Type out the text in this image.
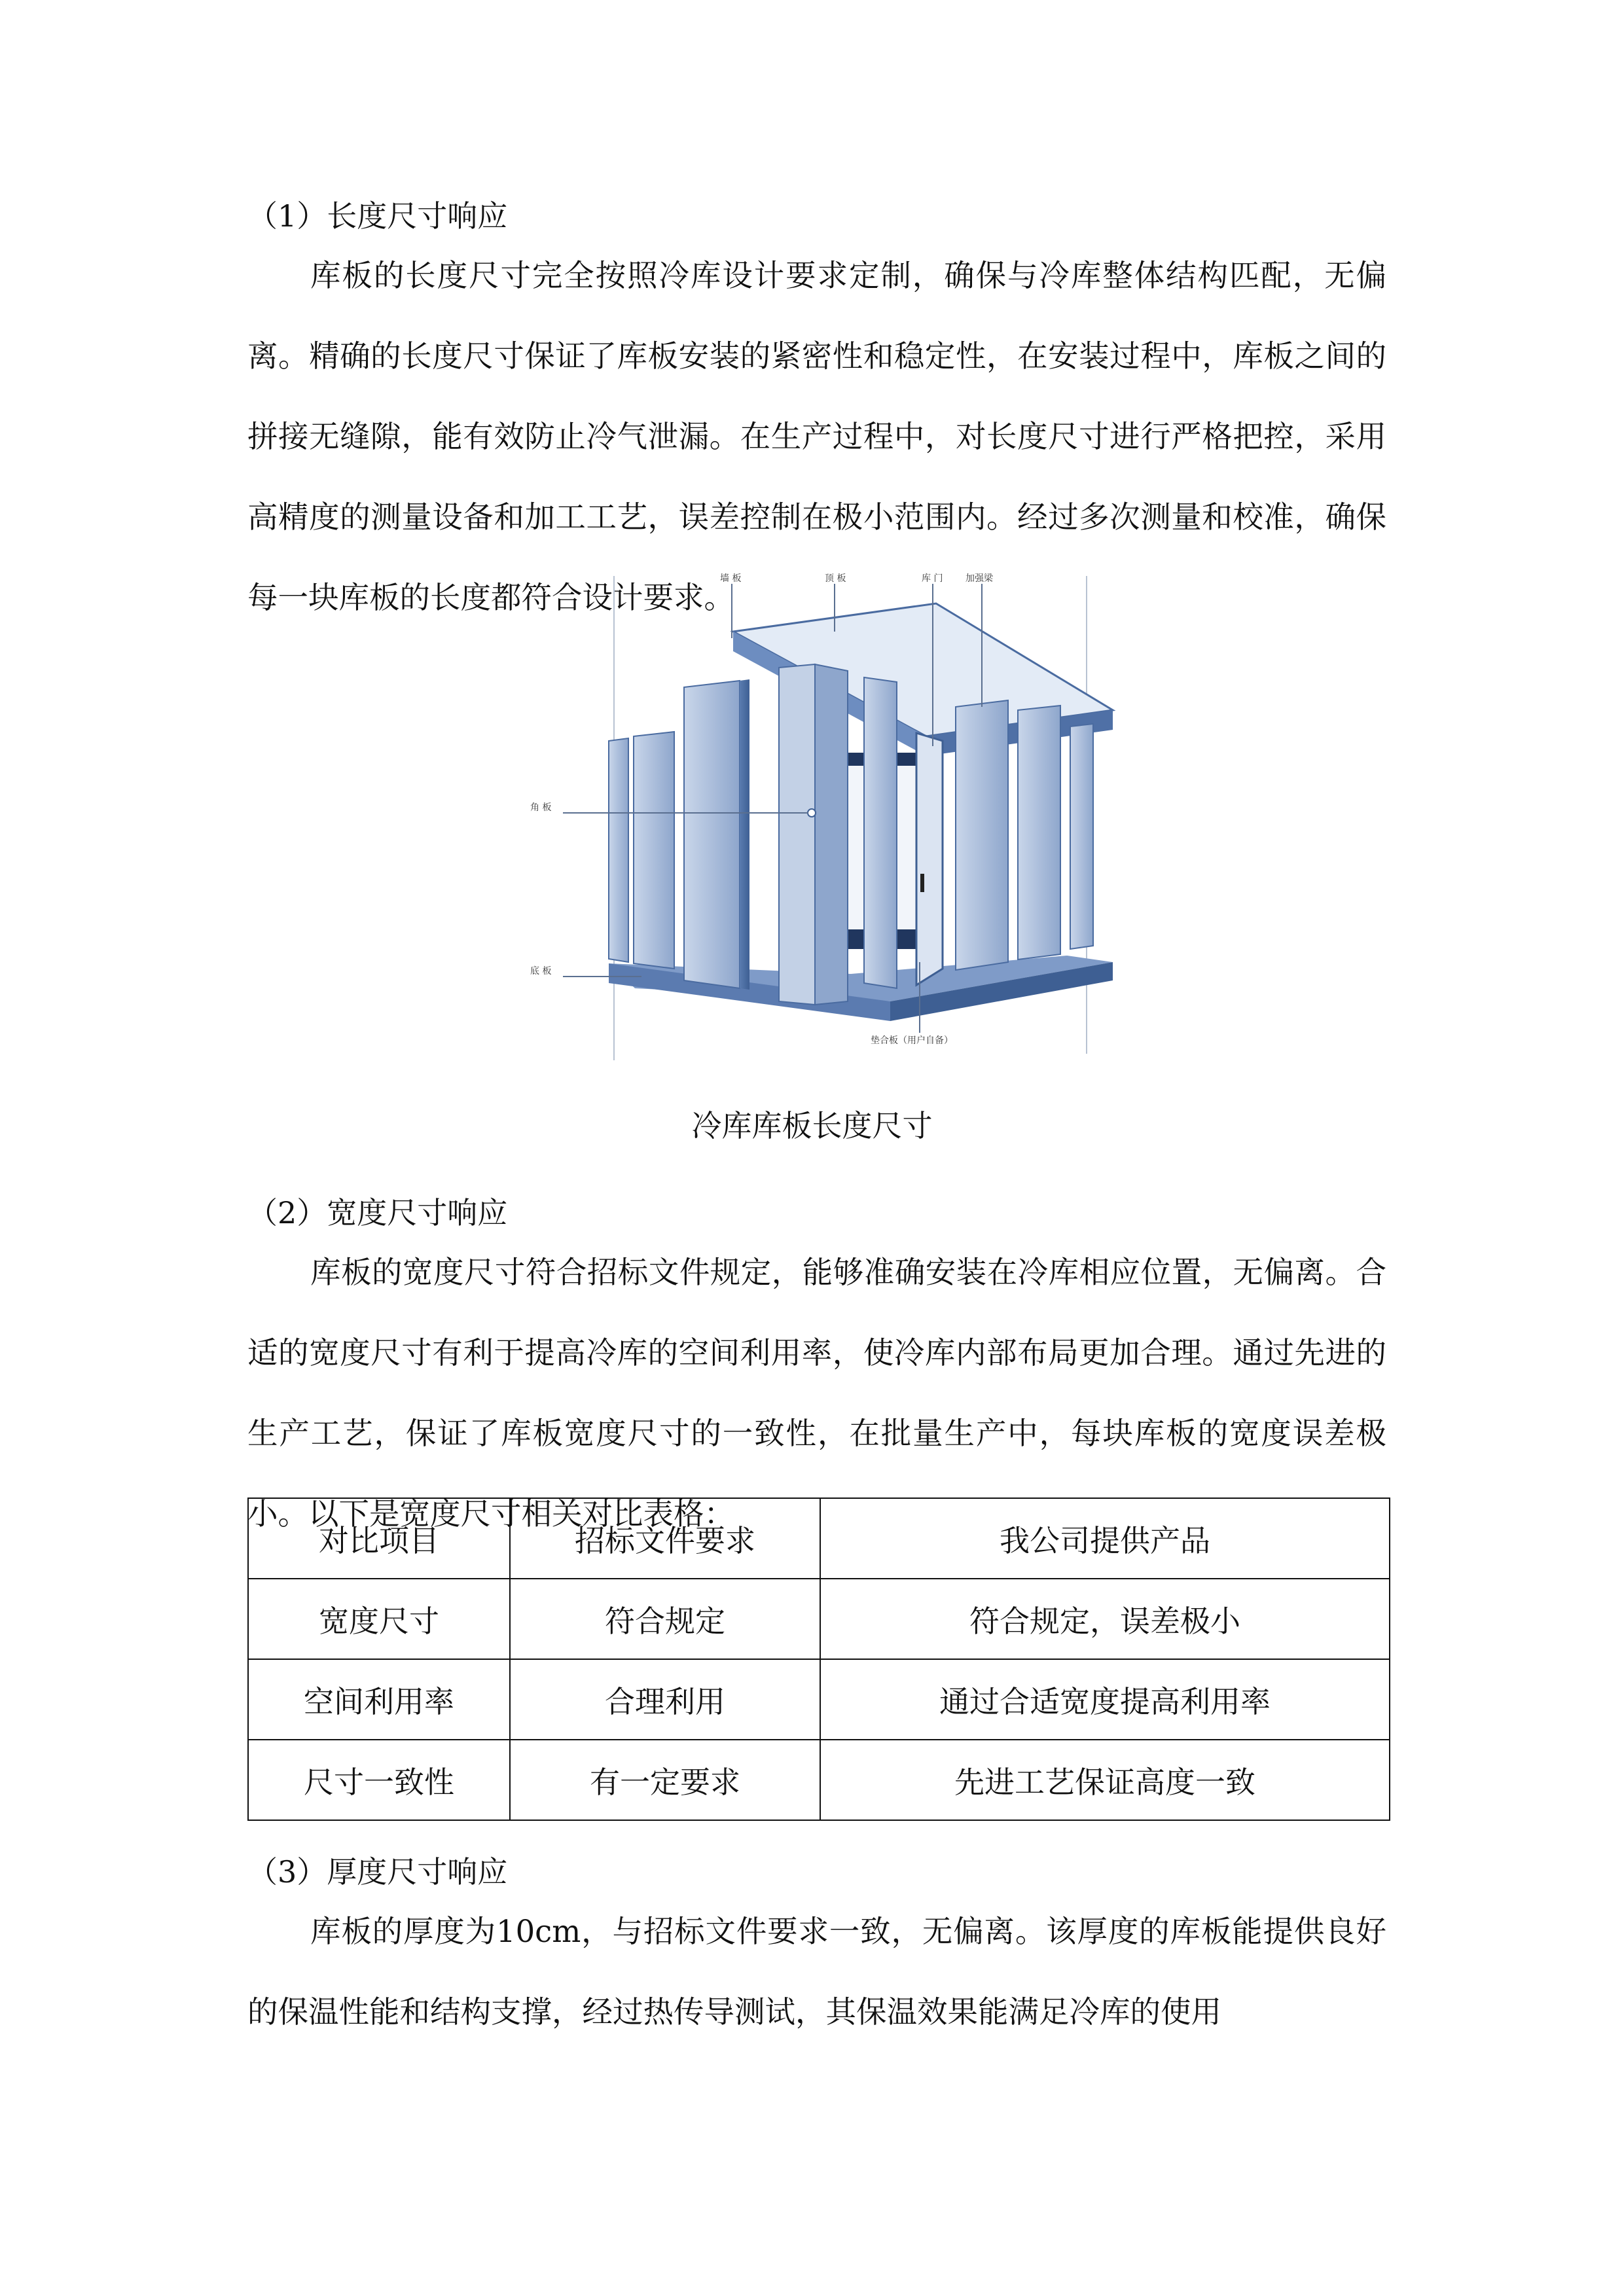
（1）长度尺寸响应

库板的长度尺寸完全按照冷库设计要求定制，确保与冷库整体结构匹配，无偏离。精确的长度尺寸保证了库板安装的紧密性和稳定性，在安装过程中，库板之间的拼接无缝隙，能有效防止冷气泄漏。在生产过程中，对长度尺寸进行严格把控，采用高精度的测量设备和加工工艺，误差控制在极小范围内。经过多次测量和校准，确保每一块库板的长度都符合设计要求。

墙 板	顶 板	库 门 加强梁
角 板
底 板
垫合板（用户自备）
冷库库板长度尺寸
（2）宽度尺寸响应

库板的宽度尺寸符合招标文件规定，能够准确安装在冷库相应位置，无偏离。合适的宽度尺寸有利于提高冷库的空间利用率，使冷库内部布局更加合理。通过先进的生产工艺，保证了库板宽度尺寸的一致性，在批量生产中，每块库板的宽度误差极小。以下是宽度尺寸相关对比表格：

对比项目	招标文件要求	我公司提供产品
宽度尺寸	符合规定	符合规定，误差极小
空间利用率	合理利用	通过合适宽度提高利用率
尺寸一致性	有一定要求	先进工艺保证高度一致
（3）厚度尺寸响应

库板的厚度为10cm，与招标文件要求一致，无偏离。该厚度的库板能提供良好的保温性能和结构支撑，经过热传导测试，其保温效果能满足冷库的使用
